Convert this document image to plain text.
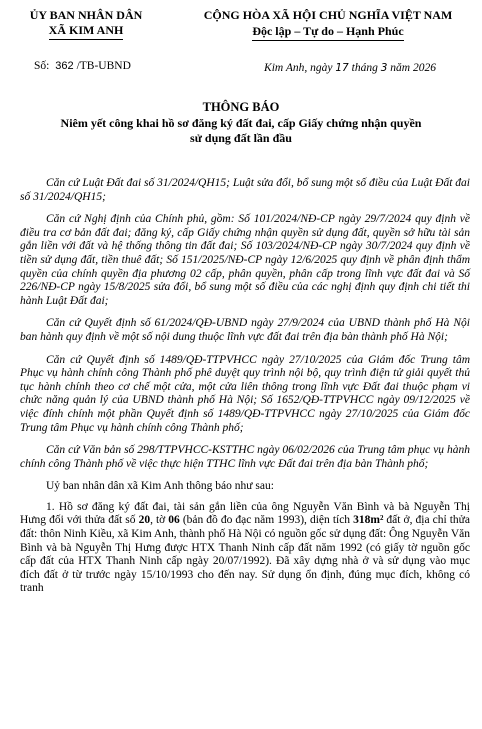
ỦY BAN NHÂN DÂN
XÃ KIM ANH
CỘNG HÒA XÃ HỘI CHỦ NGHĨA VIỆT NAM
Độc lập – Tự do – Hạnh Phúc
Số: 362 /TB-UBND	Kim Anh, ngày 17 tháng 3 năm 2026
THÔNG BÁO
Niêm yết công khai hồ sơ đăng ký đất đai, cấp Giấy chứng nhận quyền sử dụng đất lần đầu

Căn cứ Luật Đất đai số 31/2024/QH15; Luật sửa đổi, bổ sung một số điều của Luật Đất đai số 31/2024/QH15;

Căn cứ Nghị định của Chính phủ, gồm: Số 101/2024/NĐ-CP ngày 29/7/2024 quy định về điều tra cơ bản đất đai; đăng ký, cấp Giấy chứng nhận quyền sử dụng đất, quyền sở hữu tài sản gắn liền với đất và hệ thống thông tin đất đai; Số 103/2024/NĐ-CP ngày 30/7/2024 quy định về tiền sử dụng đất, tiền thuê đất; Số 151/2025/NĐ-CP ngày 12/6/2025 quy định về phân định thẩm quyền của chính quyền địa phương 02 cấp, phân quyền, phân cấp trong lĩnh vực đất đai và Số 226/NĐ-CP ngày 15/8/2025 sửa đổi, bổ sung một số điều của các nghị định quy định chi tiết thi hành Luật Đất đai;

Căn cứ Quyết định số 61/2024/QĐ-UBND ngày 27/9/2024 của UBND thành phố Hà Nội ban hành quy định về một số nội dung thuộc lĩnh vực đất đai trên địa bàn thành phố Hà Nội;

Căn cứ Quyết định số 1489/QĐ-TTPVHCC ngày 27/10/2025 của Giám đốc Trung tâm Phục vụ hành chính công Thành phố phê duyệt quy trình nội bộ, quy trình điện tử giải quyết thủ tục hành chính theo cơ chế một cửa, một cửa liên thông trong lĩnh vực Đất đai thuộc phạm vi chức năng quản lý của UBND thành phố Hà Nội; Số 1652/QĐ-TTPVHCC ngày 09/12/2025 về việc đính chính một phần Quyết định số 1489/QĐ-TTPVHCC ngày 27/10/2025 của Giám đốc Trung tâm Phục vụ hành chính công Thành phố;

Căn cứ Văn bản số 298/TTPVHCC-KSTTHC ngày 06/02/2026 của Trung tâm phục vụ hành chính công Thành phố về việc thực hiện TTHC lĩnh vực Đất đai trên địa bàn Thành phố;

Uỷ ban nhân dân xã Kim Anh thông báo như sau:

1. Hồ sơ đăng ký đất đai, tài sản gắn liền của ông Nguyễn Văn Bình và bà Nguyễn Thị Hưng đối với thửa đất số 20, tờ 06 (bản đồ đo đạc năm 1993), diện tích 318m² đất ở, địa chỉ thửa đất: thôn Ninh Kiều, xã Kim Anh, thành phố Hà Nội có nguồn gốc sử dụng đất: Ông Nguyễn Văn Bình và bà Nguyễn Thị Hưng được HTX Thanh Ninh cấp đất năm 1992 (có giấy tờ nguồn gốc cấp đất của HTX Thanh Ninh cấp ngày 20/07/1992). Đã xây dựng nhà ở và sử dụng vào mục đích đất ở từ trước ngày 15/10/1993 cho đến nay. Sử dụng ổn định, đúng mục đích, không có tranh
